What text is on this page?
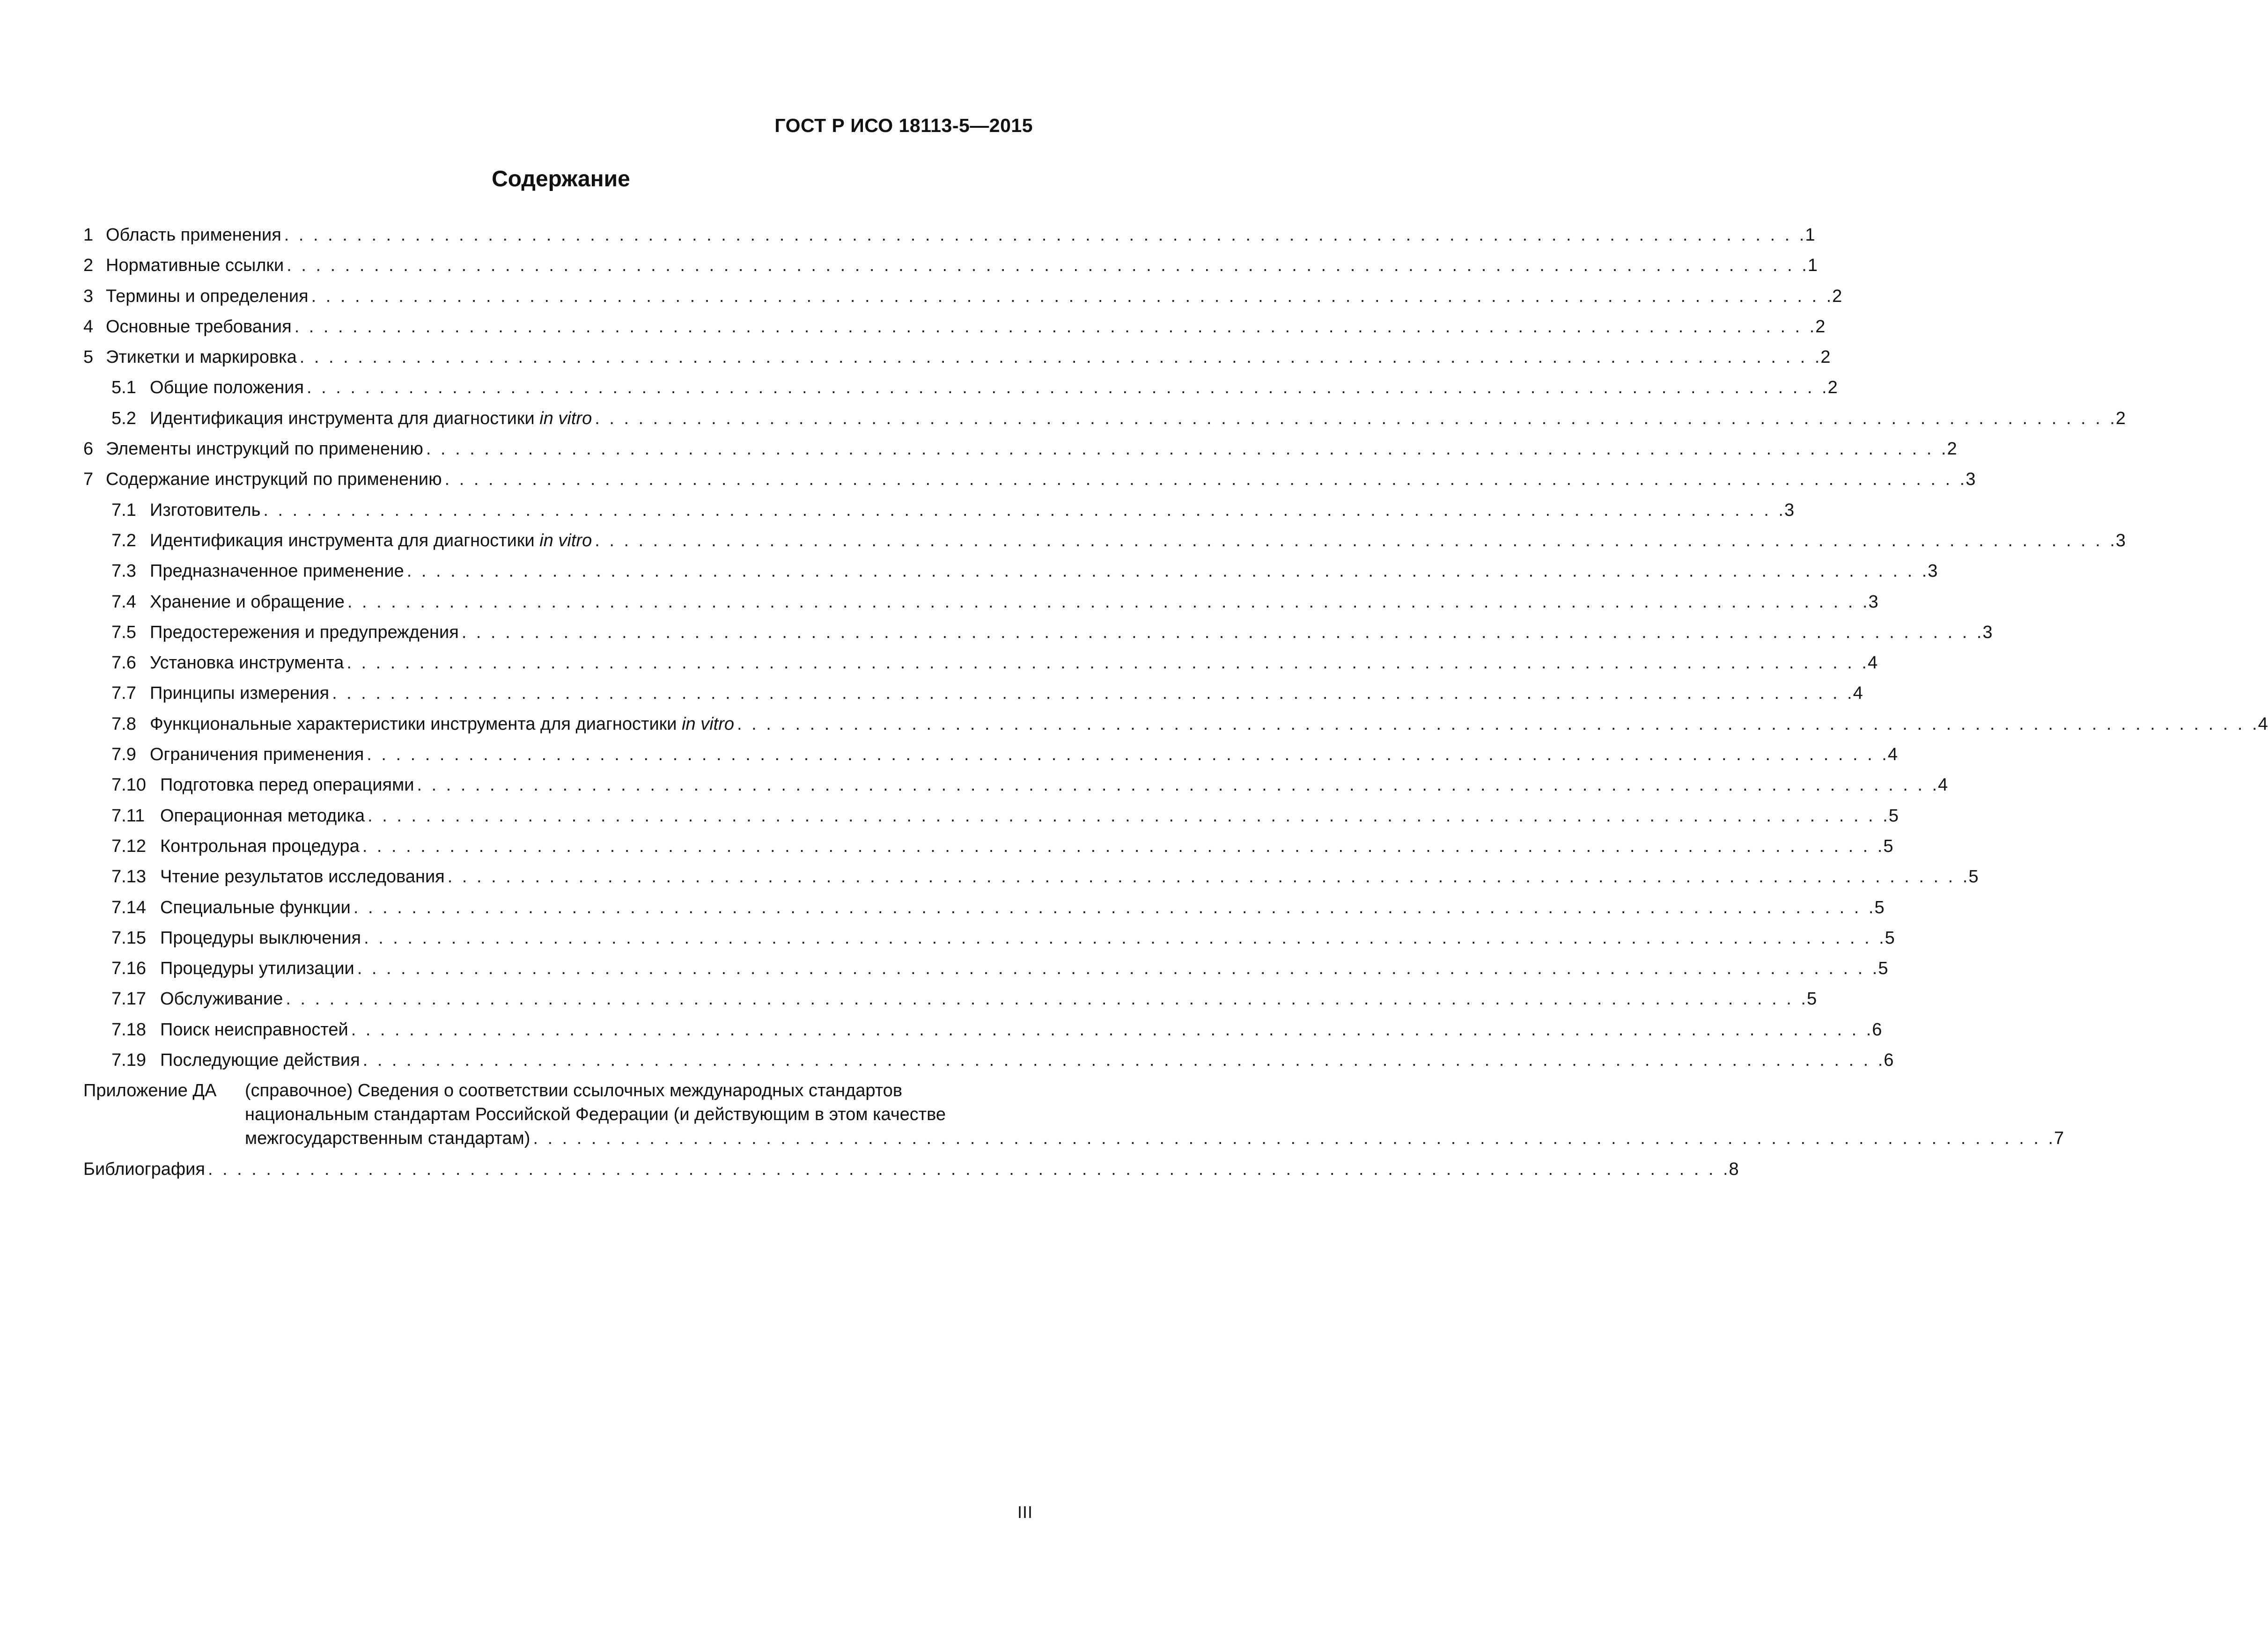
ГОСТ Р ИСО 18113-5—2015
Содержание
1 Область применения . . .	1
2 Нормативные ссылки . . .	1
3 Термины и определения . . .	2
4 Основные требования . . .	2
5 Этикетки и маркировка . . .	2
5.1 Общие положения . . .	2
5.2 Идентификация инструмента для диагностики in vitro . . .	2
6 Элементы инструкций по применению . . .	2
7 Содержание инструкций по применению . . .	3
7.1 Изготовитель . . .	3
7.2 Идентификация инструмента для диагностики in vitro . . .	3
7.3 Предназначенное применение . . .	3
7.4 Хранение и обращение . . .	3
7.5 Предостережения и предупреждения . . .	3
7.6 Установка инструмента . . .	4
7.7 Принципы измерения . . .	4
7.8 Функциональные характеристики инструмента для диагностики in vitro . . .	4
7.9 Ограничения применения . . .	4
7.10 Подготовка перед операциями . . .	4
7.11 Операционная методика . . .	5
7.12 Контрольная процедура . . .	5
7.13 Чтение результатов исследования . . .	5
7.14 Специальные функции . . .	5
7.15 Процедуры выключения . . .	5
7.16 Процедуры утилизации . . .	5
7.17 Обслуживание . . .	5
7.18 Поиск неисправностей . . .	6
7.19 Последующие действия . . .	6
Приложение ДА	(справочное) Сведения о соответствии ссылочных международных стандартов
национальным стандартам Российской Федерации (и действующим в этом качестве
межгосударственным стандартам) . . .	7
Библиография . . .	8
III
